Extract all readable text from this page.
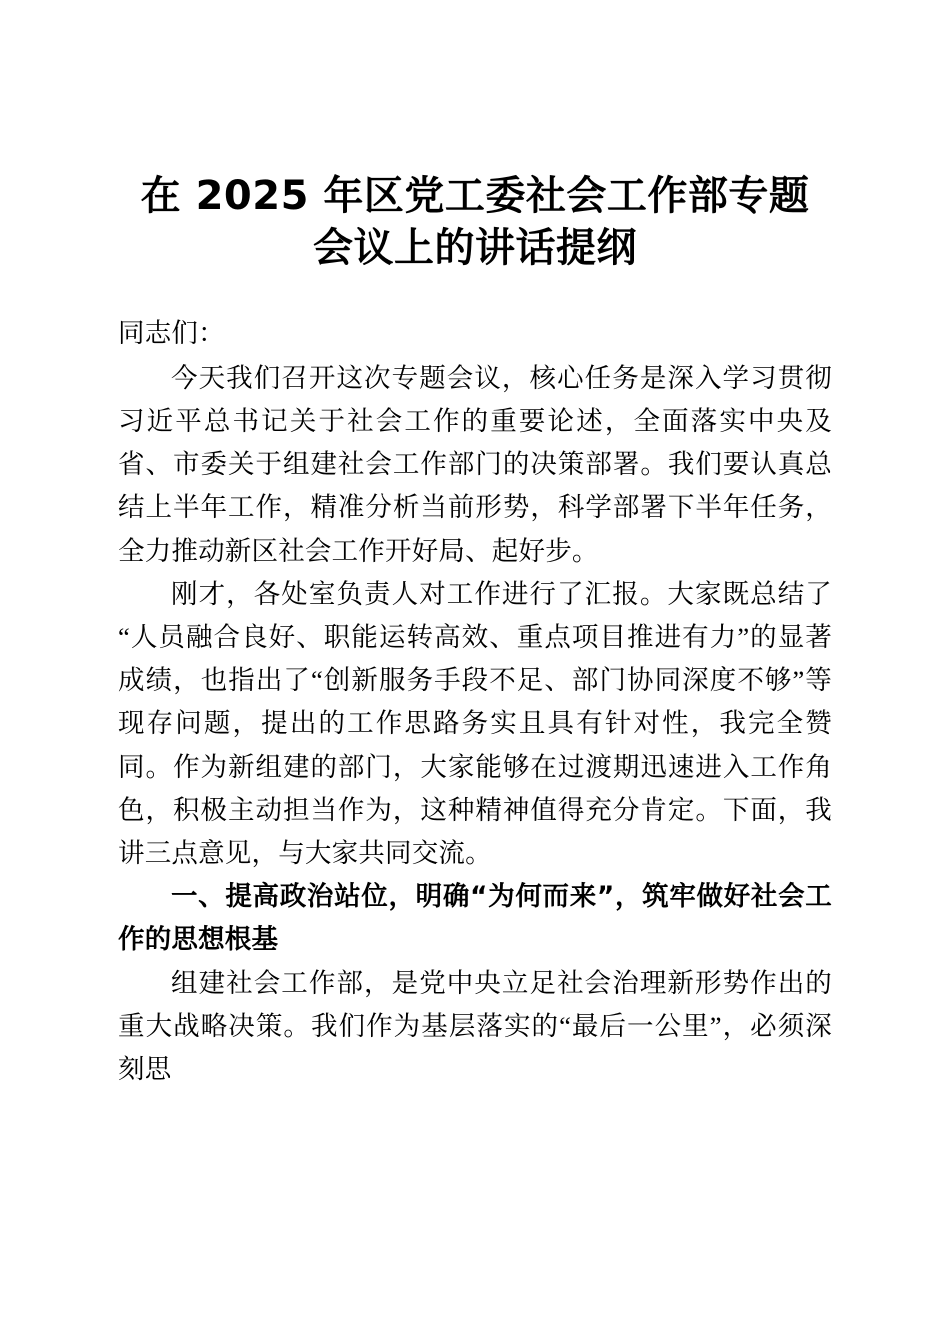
在 2025 年区党工委社会工作部专题会议上的讲话提纲
同志们：

今天我们召开这次专题会议，核心任务是深入学习贯彻习近平总书记关于社会工作的重要论述，全面落实中央及省、市委关于组建社会工作部门的决策部署。我们要认真总结上半年工作，精准分析当前形势，科学部署下半年任务，全力推动新区社会工作开好局、起好步。

刚才，各处室负责人对工作进行了汇报。大家既总结了“人员融合良好、职能运转高效、重点项目推进有力”的显著成绩，也指出了“创新服务手段不足、部门协同深度不够”等现存问题，提出的工作思路务实且具有针对性，我完全赞同。作为新组建的部门，大家能够在过渡期迅速进入工作角色，积极主动担当作为，这种精神值得充分肯定。下面，我讲三点意见，与大家共同交流。

一、提高政治站位，明确“为何而来”，筑牢做好社会工作的思想根基

组建社会工作部，是党中央立足社会治理新形势作出的重大战略决策。我们作为基层落实的“最后一公里”，必须深刻思
